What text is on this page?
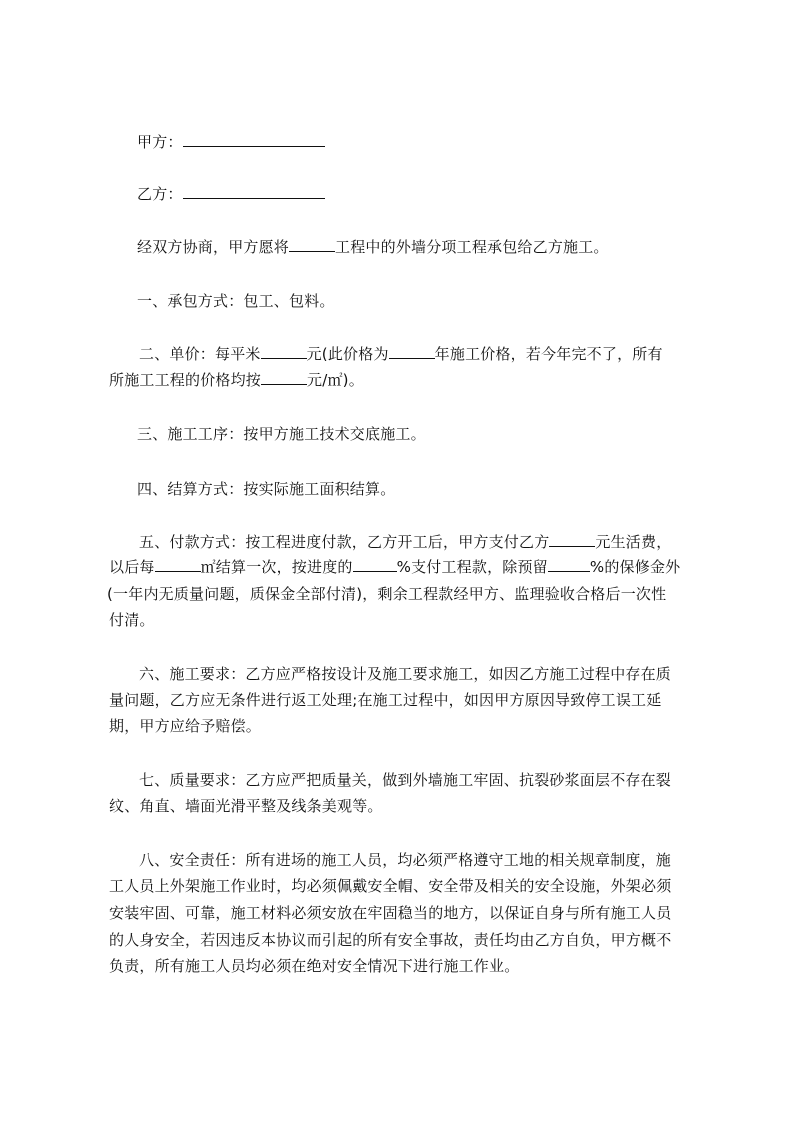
甲方：
乙方：
经双方协商，甲方愿将	工程中的外墙分项工程承包给乙方施工。
一、承包方式：包工、包料。
二、单价：每平米	元(此价格为	年施工价格，若今年完不了，所有
所施工工程的价格均按	元/㎡)。
三、施工工序：按甲方施工技术交底施工。
四、结算方式：按实际施工面积结算。
五、付款方式：按工程进度付款，乙方开工后，甲方支付乙方	元生活费，
以后每	㎡结算一次，按进度的	%支付工程款，除预留	%的保修金外
(一年内无质量问题，质保金全部付清)，剩余工程款经甲方、监理验收合格后一次性
付清。
六、施工要求：乙方应严格按设计及施工要求施工，如因乙方施工过程中存在质
量问题，乙方应无条件进行返工处理;在施工过程中，如因甲方原因导致停工误工延
期，甲方应给予赔偿。
七、质量要求：乙方应严把质量关，做到外墙施工牢固、抗裂砂浆面层不存在裂
纹、角直、墙面光滑平整及线条美观等。
八、安全责任：所有进场的施工人员，均必须严格遵守工地的相关规章制度，施
工人员上外架施工作业时，均必须佩戴安全帽、安全带及相关的安全设施，外架必须
安装牢固、可靠，施工材料必须安放在牢固稳当的地方，以保证自身与所有施工人员
的人身安全，若因违反本协议而引起的所有安全事故，责任均由乙方自负，甲方概不
负责，所有施工人员均必须在绝对安全情况下进行施工作业。
